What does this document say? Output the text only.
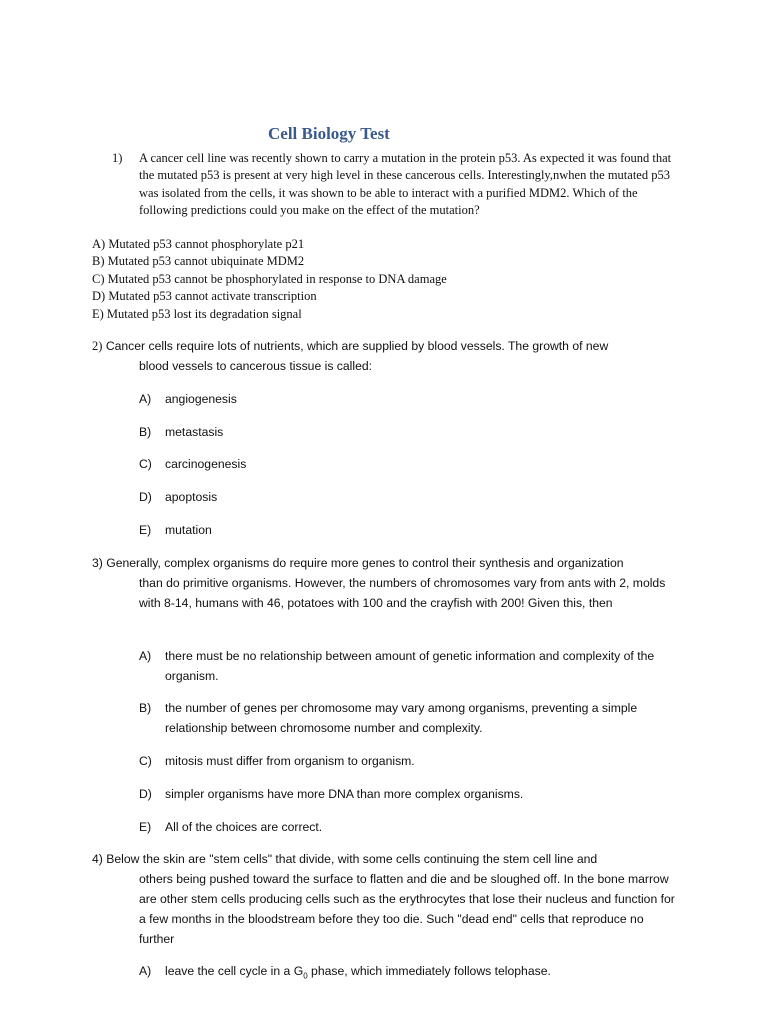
Cell Biology Test
1) A cancer cell line was recently shown to carry a mutation in the protein p53. As expected it was found that the mutated p53 is present at very high level in these cancerous cells. Interestingly,nwhen the mutated p53 was isolated from the cells, it was shown to be able to interact with a purified MDM2. Which of the following predictions could you make on the effect of the mutation?
A) Mutated p53 cannot phosphorylate p21
B) Mutated p53 cannot ubiquinate MDM2
C) Mutated p53 cannot be phosphorylated in response to DNA damage
D) Mutated p53 cannot activate transcription
E) Mutated p53 lost its degradation signal
2) Cancer cells require lots of nutrients, which are supplied by blood vessels. The growth of new
blood vessels to cancerous tissue is called:
A) angiogenesis
B) metastasis
C) carcinogenesis
D) apoptosis
E) mutation
3) Generally, complex organisms do require more genes to control their synthesis and organization
than do primitive organisms. However, the numbers of chromosomes vary from ants with 2, molds with 8-14, humans with 46, potatoes with 100 and the crayfish with 200! Given this, then
A) there must be no relationship between amount of genetic information and complexity of the organism.
B) the number of genes per chromosome may vary among organisms, preventing a simple relationship between chromosome number and complexity.
C) mitosis must differ from organism to organism.
D) simpler organisms have more DNA than more complex organisms.
E) All of the choices are correct.
4) Below the skin are "stem cells" that divide, with some cells continuing the stem cell line and
others being pushed toward the surface to flatten and die and be sloughed off. In the bone marrow are other stem cells producing cells such as the erythrocytes that lose their nucleus and function for a few months in the bloodstream before they too die. Such "dead end" cells that reproduce no further
A) leave the cell cycle in a $G_0$ phase, which immediately follows telophase.
